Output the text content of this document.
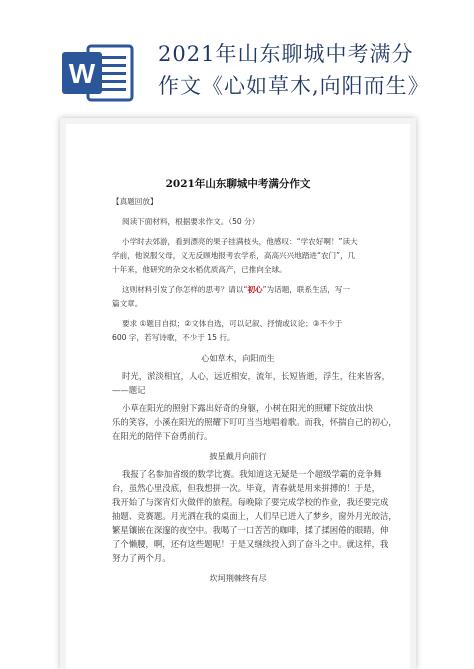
W
2021年山东聊城中考满分
作文《心如草木,向阳而生》
2021年山东聊城中考满分作文
【真题回放】
阅读下面材料，根据要求作文。（50 分）
小学时去郊游，看到漂亮的果子挂满枝头，他感叹：“学农好啊！”读大
学前，他说服父母，义无反顾地报考农学系，高高兴兴地踏进“农门”，几
十年来，他研究的杂交水稻优质高产，已推向全球。
这则材料引发了你怎样的思考？请以“初心”为话题，联系生活，写一
篇文章。
要求 ①题目自拟；②文体自选，可以记叙、抒情或议论；③不少于
600 字，若写诗歌，不少于 15 行。
心如草木，向阳而生
时光，淤淡相宜，人心，远近相安，流年，长短皆逝，浮生，往来皆客，
——题记
小草在阳光的照射下露出好奇的身躯，小树在阳光的照耀下绽放出快
乐的笑容，小溪在阳光的照耀下叮叮当当地唱着歌。而我，怀揣自己的初心，
在阳光的陪伴下奋勇前行。
披星戴月向前行
我报了名参加省级的数学比赛。我知道这无疑是一个超级学霸的竞争舞
台，虽然心里没底，但我想拼一次。毕竟，青春就是用来拼搏的！于是，
我开始了与深宵灯火做伴的旅程。每晚除了要完成学校的作业，我还要完成
抽题、竞赛题。月光洒在我的桌面上，人们早已进入了梦乡，窗外月光皎洁，
繁星镶嵌在深邃的夜空中。我喝了一口苦苦的咖啡，揉了揉困倦的眼睛，伸
了个懒腰，啊，还有这些题呢！于是又继续投入到了奋斗之中。就这样，我
努力了两个月。
坎坷荆棘终有尽
